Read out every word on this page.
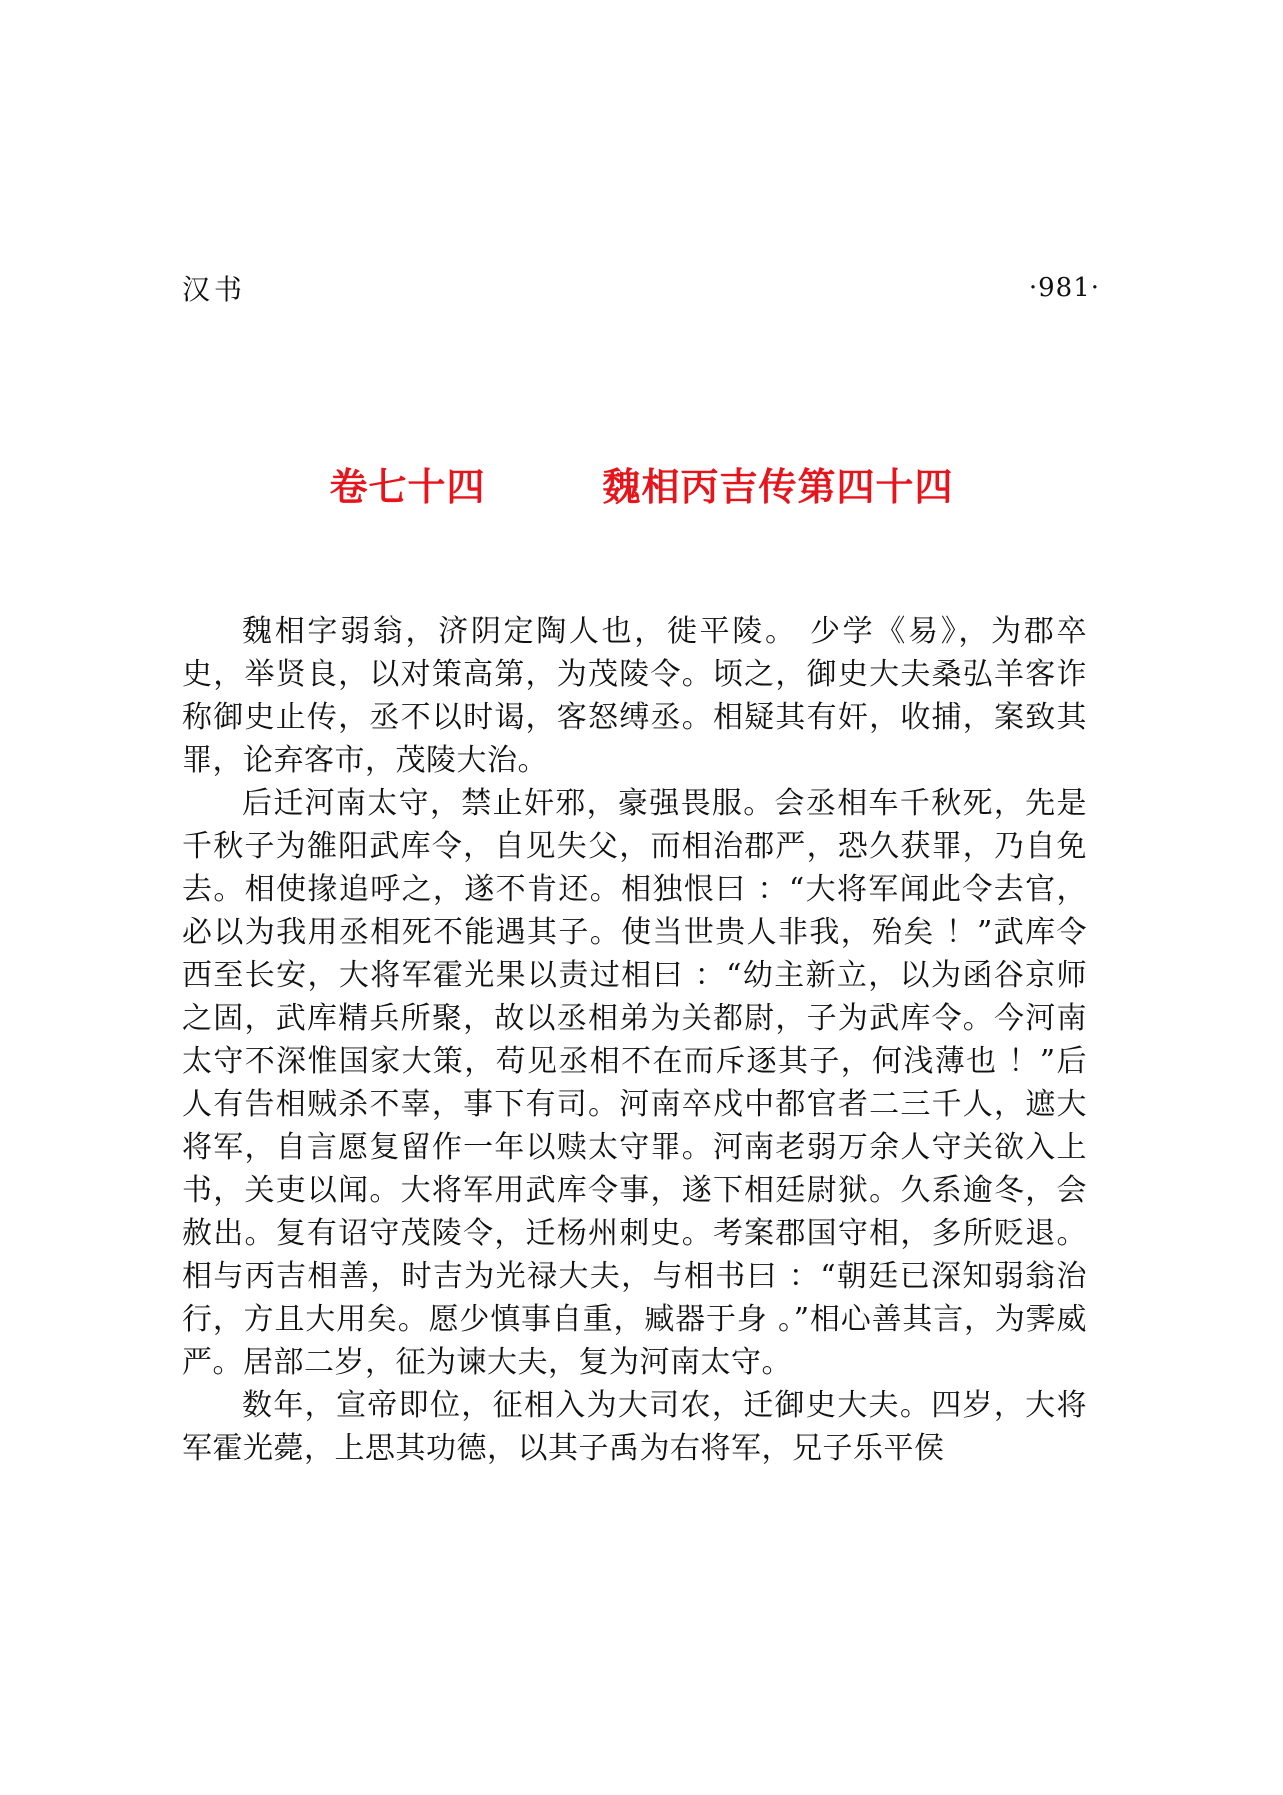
汉书	·981·
卷七十四　　　魏相丙吉传第四十四

魏相字弱翁，济阴定陶人也，徙平陵。 少学《易》，为郡卒史，举贤良，以对策高第，为茂陵令。顷之，御史大夫桑弘羊客诈称御史止传，丞不以时谒，客怒缚丞。相疑其有奸，收捕，案致其罪，论弃客市，茂陵大治。

后迁河南太守，禁止奸邪，豪强畏服。会丞相车千秋死，先是千秋子为雒阳武库令，自见失父，而相治郡严，恐久获罪，乃自免去。相使掾追呼之，遂不肯还。相独恨曰 ：“大将军闻此令去官，必以为我用丞相死不能遇其子。使当世贵人非我，殆矣 ！”武库令西至长安，大将军霍光果以责过相曰 ：“幼主新立，以为函谷京师之固，武库精兵所聚，故以丞相弟为关都尉，子为武库令。今河南太守不深惟国家大策，苟见丞相不在而斥逐其子，何浅薄也 ！”后人有告相贼杀不辜，事下有司。河南卒戍中都官者二三千人，遮大将军，自言愿复留作一年以赎太守罪。河南老弱万余人守关欲入上书，关吏以闻。大将军用武库令事，遂下相廷尉狱。久系逾冬，会赦出。复有诏守茂陵令，迁杨州刺史。考案郡国守相，多所贬退。相与丙吉相善，时吉为光禄大夫，与相书曰 ：“朝廷已深知弱翁治行，方且大用矣。愿少慎事自重，臧器于身 。”相心善其言，为霁威严。居部二岁，征为谏大夫，复为河南太守。

数年，宣帝即位，征相入为大司农，迁御史大夫。四岁，大将军霍光薨，上思其功德，以其子禹为右将军，兄子乐平侯
